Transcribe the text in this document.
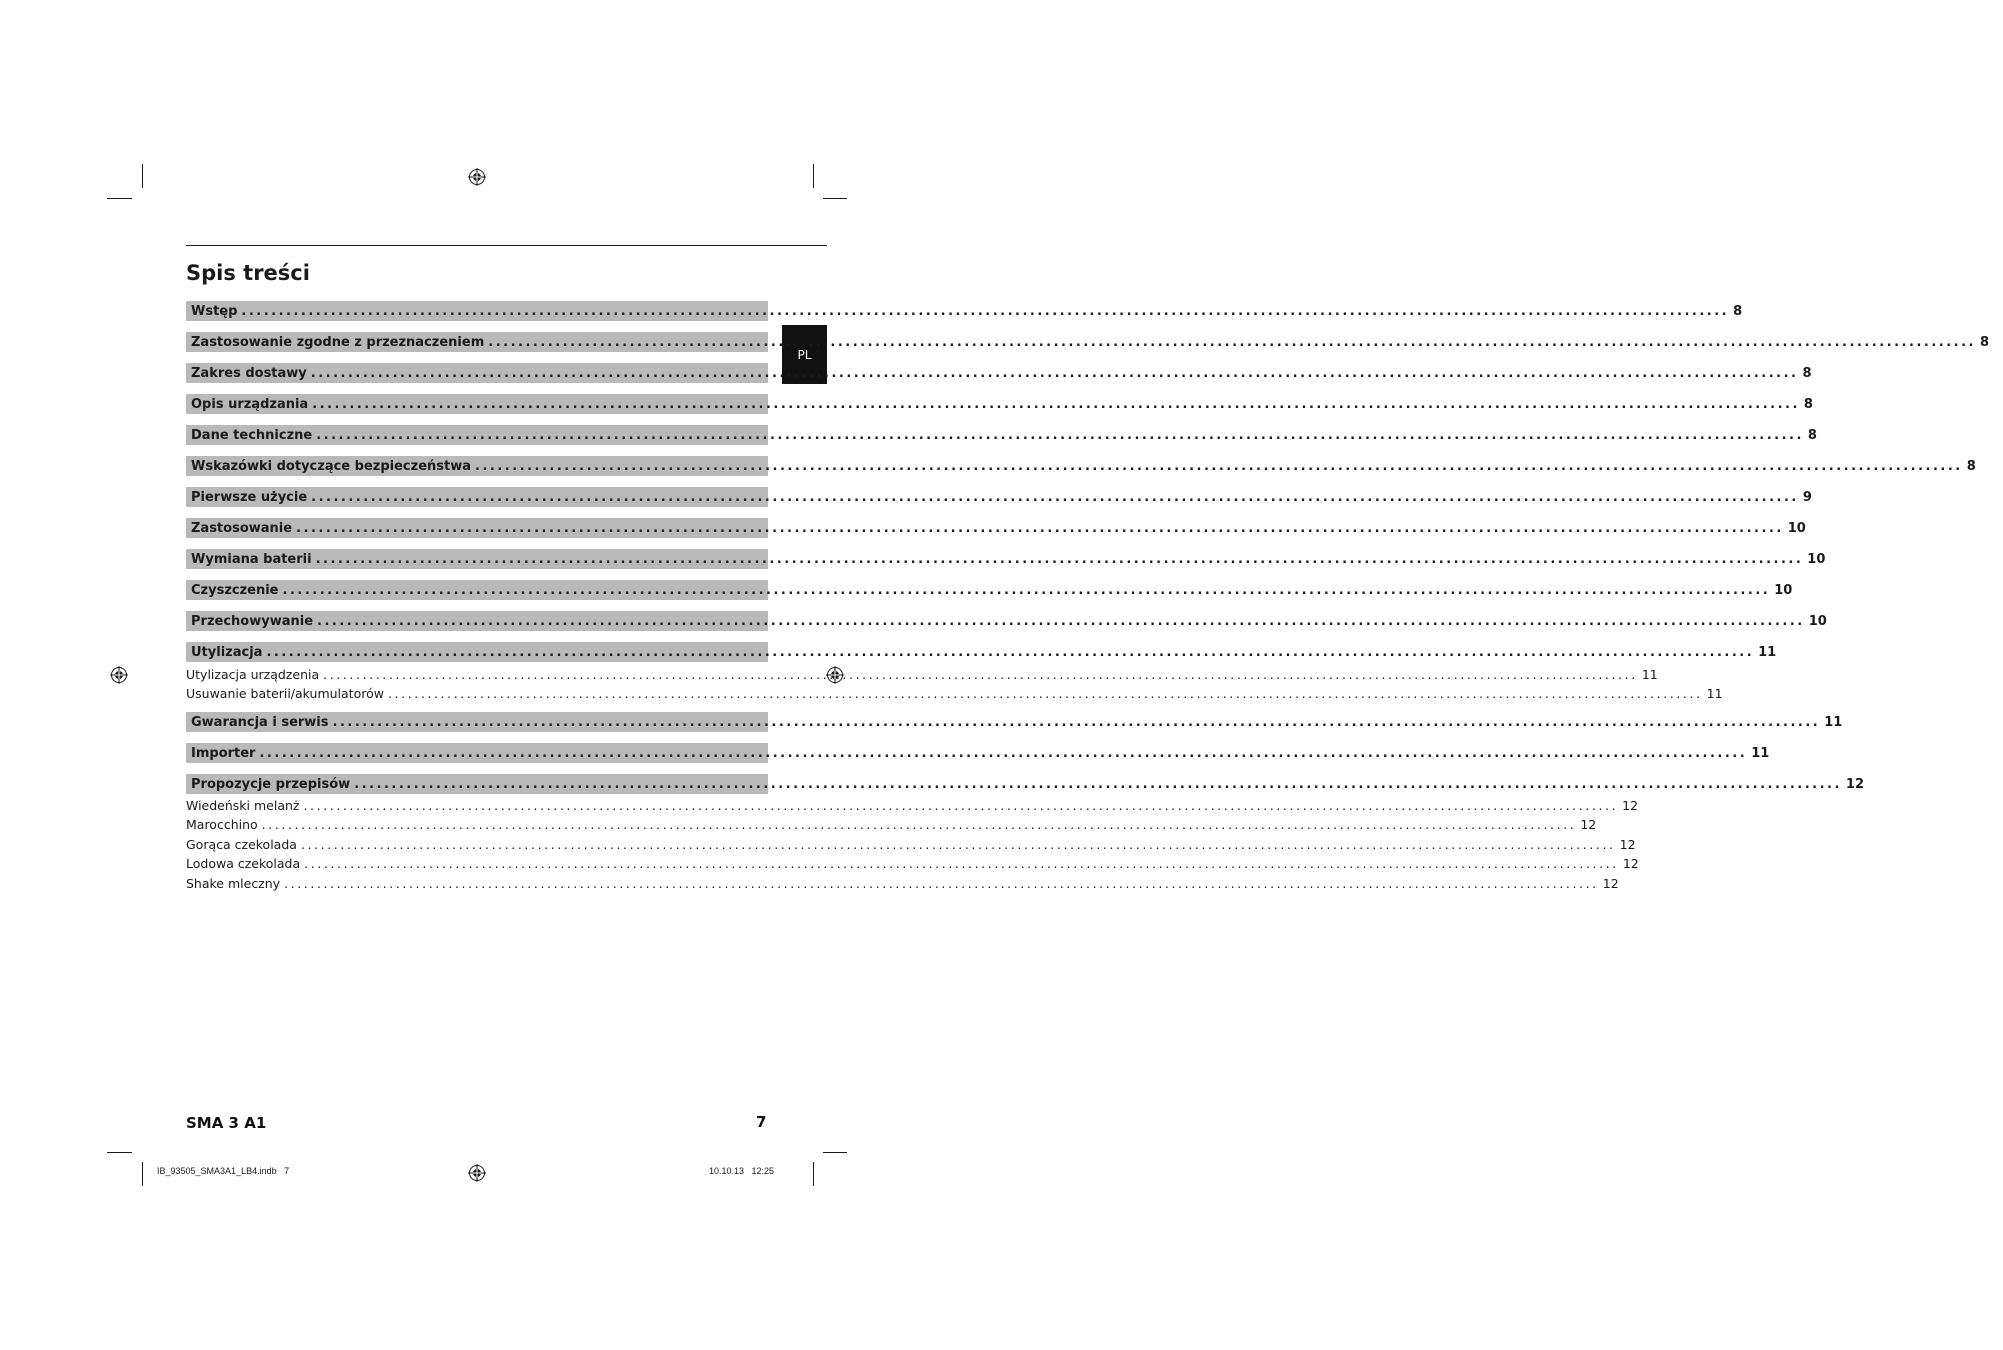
Spis treści
PL
Wstęp ........................................................................................................................................................................................................ 8
Zastosowanie zgodne z przeznaczeniem ........................................................................................................................................................................................................ 8
Zakres dostawy ........................................................................................................................................................................................................ 8
Opis urządzania ........................................................................................................................................................................................................ 8
Dane techniczne ........................................................................................................................................................................................................ 8
Wskazówki dotyczące bezpieczeństwa ........................................................................................................................................................................................................ 8
Pierwsze użycie ........................................................................................................................................................................................................ 9
Zastosowanie ........................................................................................................................................................................................................ 10
Wymiana baterii ........................................................................................................................................................................................................ 10
Czyszczenie ........................................................................................................................................................................................................ 10
Przechowywanie ........................................................................................................................................................................................................ 10
Utylizacja ........................................................................................................................................................................................................ 11
Utylizacja urządzenia ........................................................................................................................................................................................................ 11
Usuwanie baterii/akumulatorów ........................................................................................................................................................................................................ 11
Gwarancja i serwis ........................................................................................................................................................................................................ 11
Importer ........................................................................................................................................................................................................ 11
Propozycje przepisów ........................................................................................................................................................................................................ 12
Wiedeński melanż ........................................................................................................................................................................................................ 12
Marocchino ........................................................................................................................................................................................................ 12
Gorąca czekolada ........................................................................................................................................................................................................ 12
Lodowa czekolada ........................................................................................................................................................................................................ 12
Shake mleczny ........................................................................................................................................................................................................ 12
SMA 3 A1	7
IB_93505_SMA3A1_LB4.indb   7	10.10.13   12:25
